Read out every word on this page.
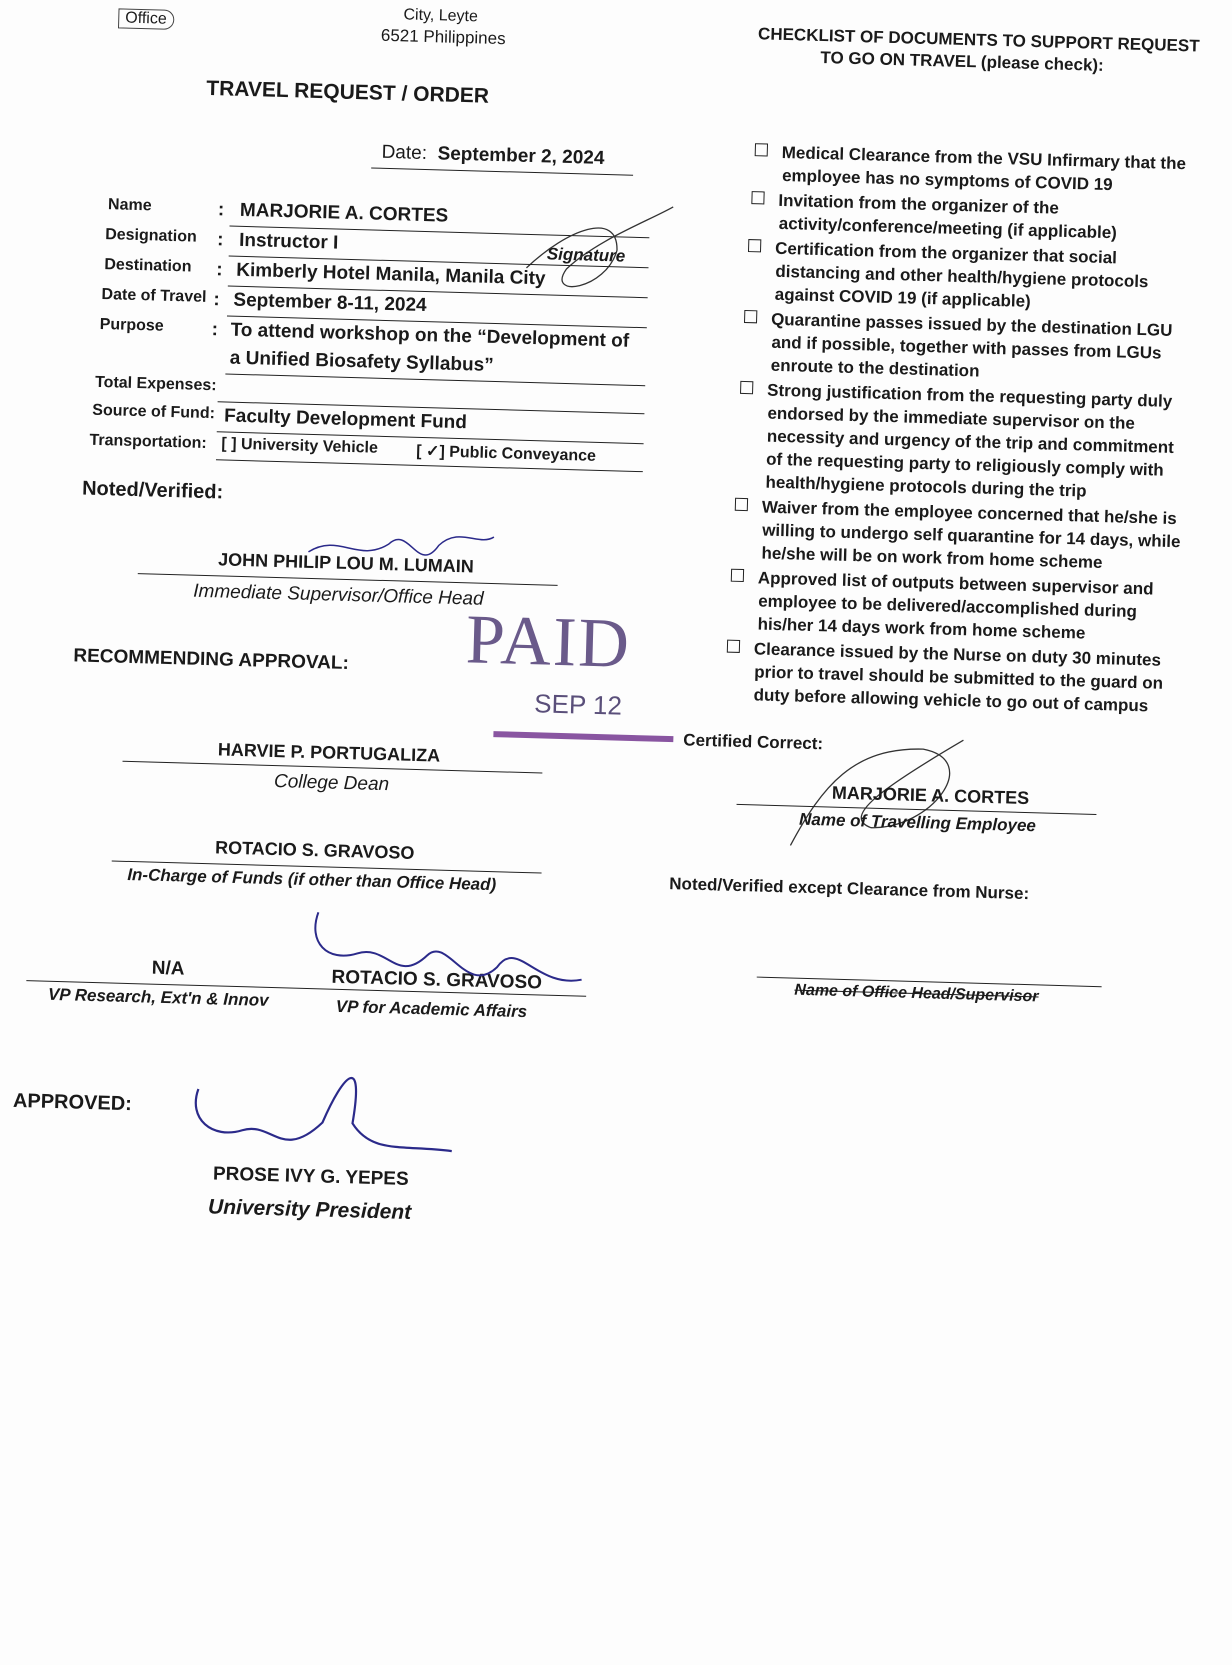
Office	City, Leyte
6521 Philippines
TRAVEL REQUEST / ORDER
Date: September 2, 2024
Name	: MARJORIE A. CORTES
Designation : Instructor I
Signature
Destination : Kimberly Hotel Manila, Manila City
Date of Travel : September 8-11, 2024
Purpose : To attend workshop on the “Development of
a Unified Biosafety Syllabus”
Total Expenses:
Source of Fund: Faculty Development Fund
Transportation: [ ] University Vehicle [ ✓] Public Conveyance
Noted/Verified:
JOHN PHILIP LOU M. LUMAIN
Immediate Supervisor/Office Head
RECOMMENDING APPROVAL:
HARVIE P. PORTUGALIZA
College Dean
ROTACIO S. GRAVOSO
In-Charge of Funds (if other than Office Head)
N/A
VP Research, Ext'n & Innov
ROTACIO S. GRAVOSO
VP for Academic Affairs
APPROVED:
PROSE IVY G. YEPES
University President
CHECKLIST OF DOCUMENTS TO SUPPORT REQUEST
TO GO ON TRAVEL (please check):
Medical Clearance from the VSU Infirmary that the
employee has no symptoms of COVID 19
Invitation from the organizer of the
activity/conference/meeting (if applicable)
Certification from the organizer that social
distancing and other health/hygiene protocols
against COVID 19 (if applicable)
Quarantine passes issued by the destination LGU
and if possible, together with passes from LGUs
enroute to the destination
Strong justification from the requesting party duly
endorsed by the immediate supervisor on the
necessity and urgency of the trip and commitment
of the requesting party to religiously comply with
health/hygiene protocols during the trip
Waiver from the employee concerned that he/she is
willing to undergo self quarantine for 14 days, while
he/she will be on work from home scheme
Approved list of outputs between supervisor and
employee to be delivered/accomplished during
his/her 14 days work from home scheme
Clearance issued by the Nurse on duty 30 minutes
prior to travel should be submitted to the guard on
duty before allowing vehicle to go out of campus
PAID
SEP 12
Certified Correct:
MARJORIE A. CORTES
Name of Travelling Employee
Noted/Verified except Clearance from Nurse:
Name of Office Head/Supervisor
